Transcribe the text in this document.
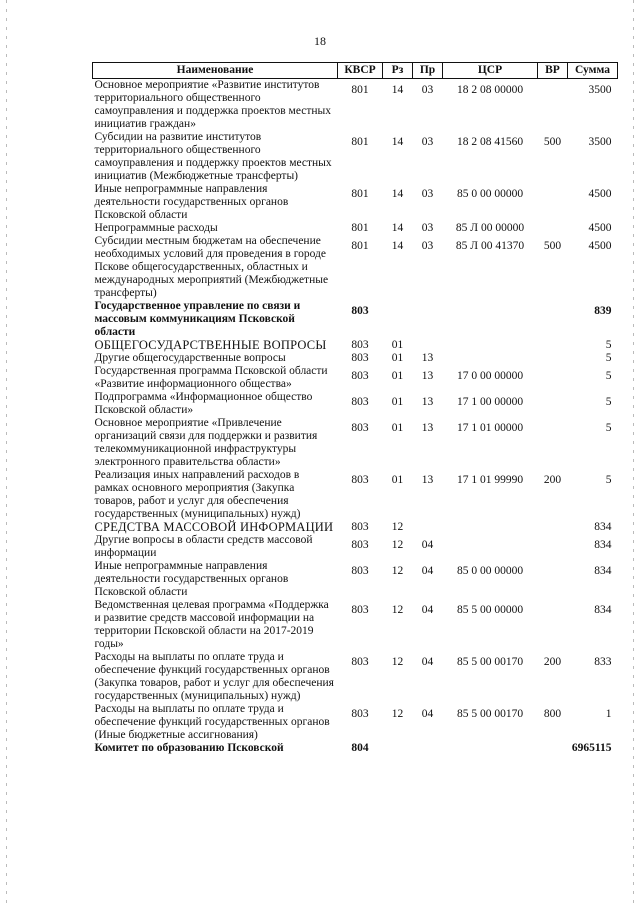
18
Наименование	КВСР	Рз	Пр	ЦСР	ВР	Сумма
Основное мероприятие «Развитие институтов территориального общественного самоуправления и поддержка проектов местных инициатив граждан»	801	14	03	18 2 08 00000		3500
Субсидии на развитие институтов территориального общественного самоуправления и поддержку проектов местных инициатив (Межбюджетные трансферты)	801	14	03	18 2 08 41560	500	3500
Иные непрограммные направления деятельности государственных органов Псковской области	801	14	03	85 0 00 00000		4500
Непрограммные расходы	801	14	03	85 Л 00 00000		4500
Субсидии местным бюджетам на обеспечение необходимых условий для проведения в городе Пскове общегосударственных, областных и международных мероприятий (Межбюджетные трансферты)	801	14	03	85 Л 00 41370	500	4500
Государственное управление по связи и массовым коммуникациям Псковской области	803					839
ОБЩЕГОСУДАРСТВЕННЫЕ ВОПРОСЫ	803	01				5
Другие общегосударственные вопросы	803	01	13			5
Государственная программа Псковской области «Развитие информационного общества»	803	01	13	17 0 00 00000		5
Подпрограмма «Информационное общество Псковской области»	803	01	13	17 1 00 00000		5
Основное мероприятие «Привлечение организаций связи для поддержки и развития телекоммуникационной инфраструктуры электронного правительства области»	803	01	13	17 1 01 00000		5
Реализация иных направлений расходов в рамках основного мероприятия (Закупка товаров, работ и услуг для обеспечения государственных (муниципальных) нужд)	803	01	13	17 1 01 99990	200	5
СРЕДСТВА МАССОВОЙ ИНФОРМАЦИИ	803	12				834
Другие вопросы в области средств массовой информации	803	12	04			834
Иные непрограммные направления деятельности государственных органов Псковской области	803	12	04	85 0 00 00000		834
Ведомственная целевая программа «Поддержка и развитие средств массовой информации на территории Псковской области на 2017-2019 годы»	803	12	04	85 5 00 00000		834
Расходы на выплаты по оплате труда и обеспечение функций государственных органов (Закупка товаров, работ и услуг для обеспечения государственных (муниципальных) нужд)	803	12	04	85 5 00 00170	200	833
Расходы на выплаты по оплате труда и обеспечение функций государственных органов (Иные бюджетные ассигнования)	803	12	04	85 5 00 00170	800	1
Комитет по образованию Псковской	804					6965115
